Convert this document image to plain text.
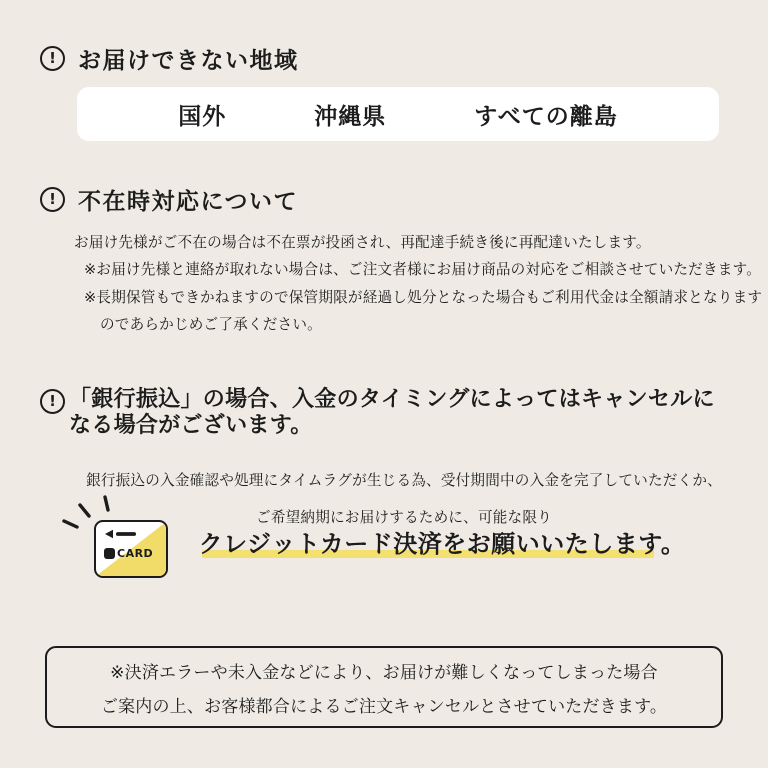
! お届けできない地域
国外	沖縄県	すべての離島
! 不在時対応について
お届け先様がご不在の場合は不在票が投函され、再配達手続き後に再配達いたします。
※お届け先様と連絡が取れない場合は、ご注文者様にお届け商品の対応をご相談させていただきます。
※長期保管もできかねますので保管期限が経過し処分となった場合もご利用代金は全額請求となります
のであらかじめご了承ください。
! 「銀行振込」の場合、入金のタイミングによってはキャンセルに
なる場合がございます。
銀行振込の入金確認や処理にタイムラグが生じる為、受付期間中の入金を完了していただくか、
ご希望納期にお届けするために、可能な限り
クレジットカード決済をお願いいたします。
CARD
※決済エラーや未入金などにより、お届けが難しくなってしまった場合
ご案内の上、お客様都合によるご注文キャンセルとさせていただきます。
